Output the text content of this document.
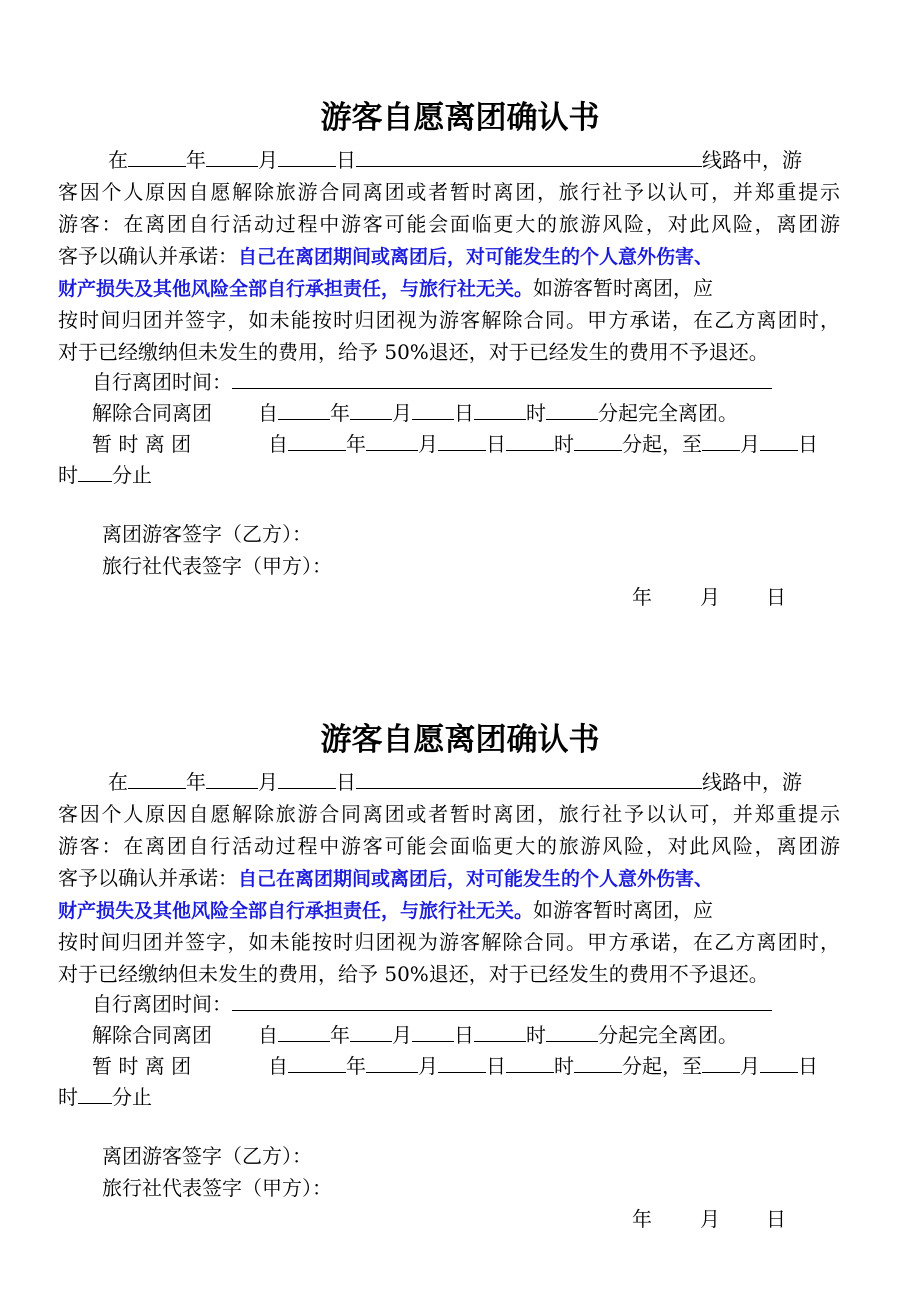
游客自愿离团确认书
在	年	月	日	线路中，游
客因个人原因自愿解除旅游合同离团或者暂时离团，旅行社予以认可，并郑重提示
游客：在离团自行活动过程中游客可能会面临更大的旅游风险，对此风险，离团游
客予以确认并承诺：自己在离团期间或离团后，对可能发生的个人意外伤害、
财产损失及其他风险全部自行承担责任，与旅行社无关。如游客暂时离团，应
按时间归团并签字，如未能按时归团视为游客解除合同。甲方承诺，在乙方离团时，
对于已经缴纳但未发生的费用，给予 50%退还，对于已经发生的费用不予退还。
自行离团时间：
解除合同离团 自	年 月 日	时	分起完全离团。
暂 时 离 团	自	年	月 日 时 分起，至 月 日
时 分止
离团游客签字（乙方）：
旅行社代表签字（甲方）：
年 月 日
游客自愿离团确认书
在	年	月	日	线路中，游
客因个人原因自愿解除旅游合同离团或者暂时离团，旅行社予以认可，并郑重提示
游客：在离团自行活动过程中游客可能会面临更大的旅游风险，对此风险，离团游
客予以确认并承诺：自己在离团期间或离团后，对可能发生的个人意外伤害、
财产损失及其他风险全部自行承担责任，与旅行社无关。如游客暂时离团，应
按时间归团并签字，如未能按时归团视为游客解除合同。甲方承诺，在乙方离团时，
对于已经缴纳但未发生的费用，给予 50%退还，对于已经发生的费用不予退还。
自行离团时间：
解除合同离团 自	年 月 日	时	分起完全离团。
暂 时 离 团	自	年	月 日 时 分起，至 月 日
时 分止
离团游客签字（乙方）：
旅行社代表签字（甲方）：
年 月 日
